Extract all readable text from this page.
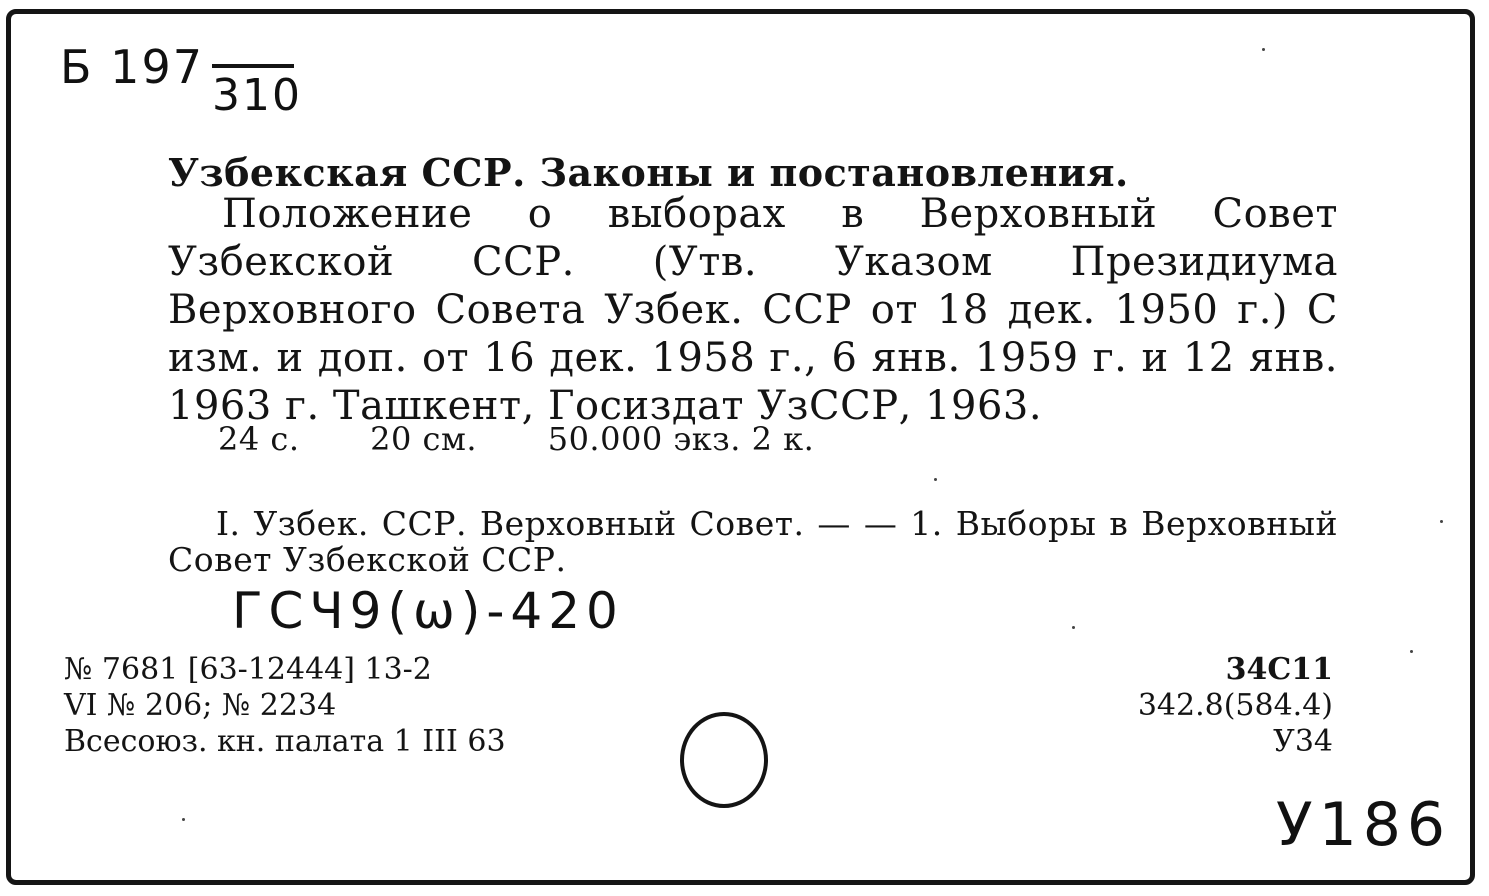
Б 197
310

Узбекская ССР. Законы и постановления.

Положение о выборах в Верховный Совет Узбекской ССР. (Утв. Указом Президиума Верховного Совета Узбек. ССР от 18 дек. 1950 г.) С изм. и доп. от 16 дек. 1958 г., 6 янв. 1959 г. и 12 янв. 1963 г. Ташкент, Госиздат УзССР, 1963.

24 с. 20 см. 50.000 экз. 2 к.

I. Узбек. ССР. Верховный Совет. — — 1. Выборы в Верховный Совет Узбекской ССР.

ГСЧ9(ω)-420
№ 7681 [63-12444] 13-2
VI № 206; № 2234
Всесоюз. кн. палата 1 III 63
34С11
342.8(584.4)
У34
У186
